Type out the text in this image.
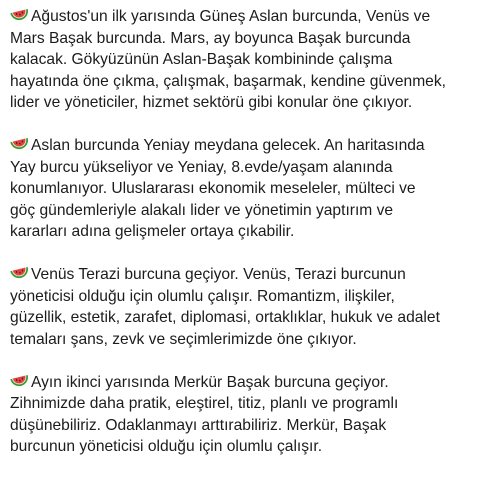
Ağustos'un ilk yarısında Güneş Aslan burcunda, Venüs ve
Mars Başak burcunda. Mars, ay boyunca Başak burcunda
kalacak. Gökyüzünün Aslan-Başak kombininde çalışma
hayatında öne çıkma, çalışmak, başarmak, kendine güvenmek,
lider ve yöneticiler, hizmet sektörü gibi konular öne çıkıyor.
Aslan burcunda Yeniay meydana gelecek. An haritasında
Yay burcu yükseliyor ve Yeniay, 8.evde/yaşam alanında
konumlanıyor. Uluslararası ekonomik meseleler, mülteci ve
göç gündemleriyle alakalı lider ve yönetimin yaptırım ve
kararları adına gelişmeler ortaya çıkabilir.
Venüs Terazi burcuna geçiyor. Venüs, Terazi burcunun
yöneticisi olduğu için olumlu çalışır. Romantizm, ilişkiler,
güzellik, estetik, zarafet, diplomasi, ortaklıklar, hukuk ve adalet
temaları şans, zevk ve seçimlerimizde öne çıkıyor.
Ayın ikinci yarısında Merkür Başak burcuna geçiyor.
Zihnimizde daha pratik, eleştirel, titiz, planlı ve programlı
düşünebiliriz. Odaklanmayı arttırabiliriz. Merkür, Başak
burcunun yöneticisi olduğu için olumlu çalışır.
